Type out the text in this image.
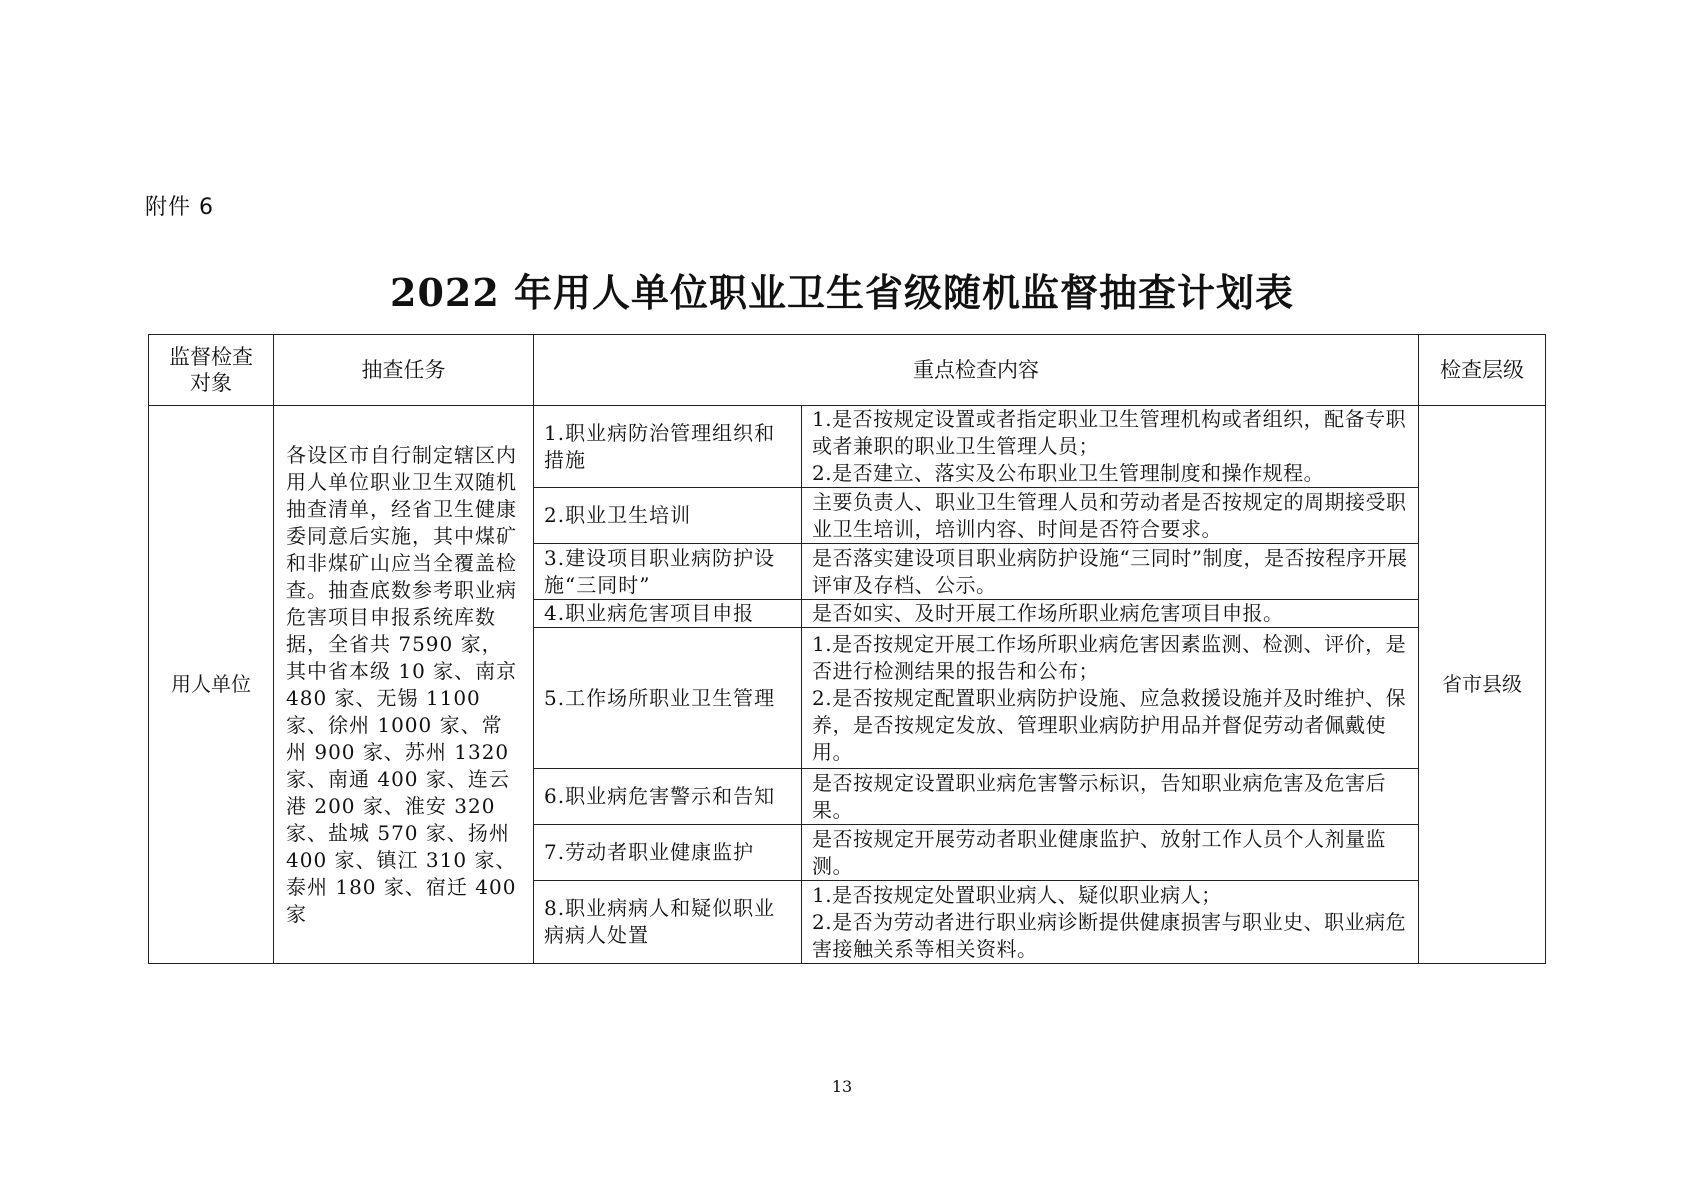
附件 6
2022 年用人单位职业卫生省级随机监督抽查计划表
监督检查对象	抽查任务	重点检查内容		检查层级
用人单位	各设区市自行制定辖区内用人单位职业卫生双随机抽查清单，经省卫生健康委同意后实施，其中煤矿和非煤矿山应当全覆盖检查。抽查底数参考职业病危害项目申报系统库数据，全省共 7590 家，其中省本级 10 家、南京 480 家、无锡 1100 家、徐州 1000 家、常州 900 家、苏州 1320 家、南通 400 家、连云港 200 家、淮安 320 家、盐城 570 家、扬州 400 家、镇江 310 家、泰州 180 家、宿迁 400 家	1.职业病防治管理组织和措施	1.是否按规定设置或者指定职业卫生管理机构或者组织，配备专职或者兼职的职业卫生管理人员；
2.是否建立、落实及公布职业卫生管理制度和操作规程。	省市县级
		2.职业卫生培训	主要负责人、职业卫生管理人员和劳动者是否按规定的周期接受职业卫生培训，培训内容、时间是否符合要求。	

		3.建设项目职业病防护设施“三同时”	是否落实建设项目职业病防护设施“三同时”制度，是否按程序开展评审及存档、公示。	

		4.职业病危害项目申报	是否如实、及时开展工作场所职业病危害项目申报。	

		5.工作场所职业卫生管理	1.是否按规定开展工作场所职业病危害因素监测、检测、评价，是否进行检测结果的报告和公布；
2.是否按规定配置职业病防护设施、应急救援设施并及时维护、保养，是否按规定发放、管理职业病防护用品并督促劳动者佩戴使用。	

		6.职业病危害警示和告知	是否按规定设置职业病危害警示标识，告知职业病危害及危害后果。	

		7.劳动者职业健康监护	是否按规定开展劳动者职业健康监护、放射工作人员个人剂量监测。	

		8.职业病病人和疑似职业病病人处置	1.是否按规定处置职业病人、疑似职业病人；
2.是否为劳动者进行职业病诊断提供健康损害与职业史、职业病危害接触关系等相关资料。	
13
